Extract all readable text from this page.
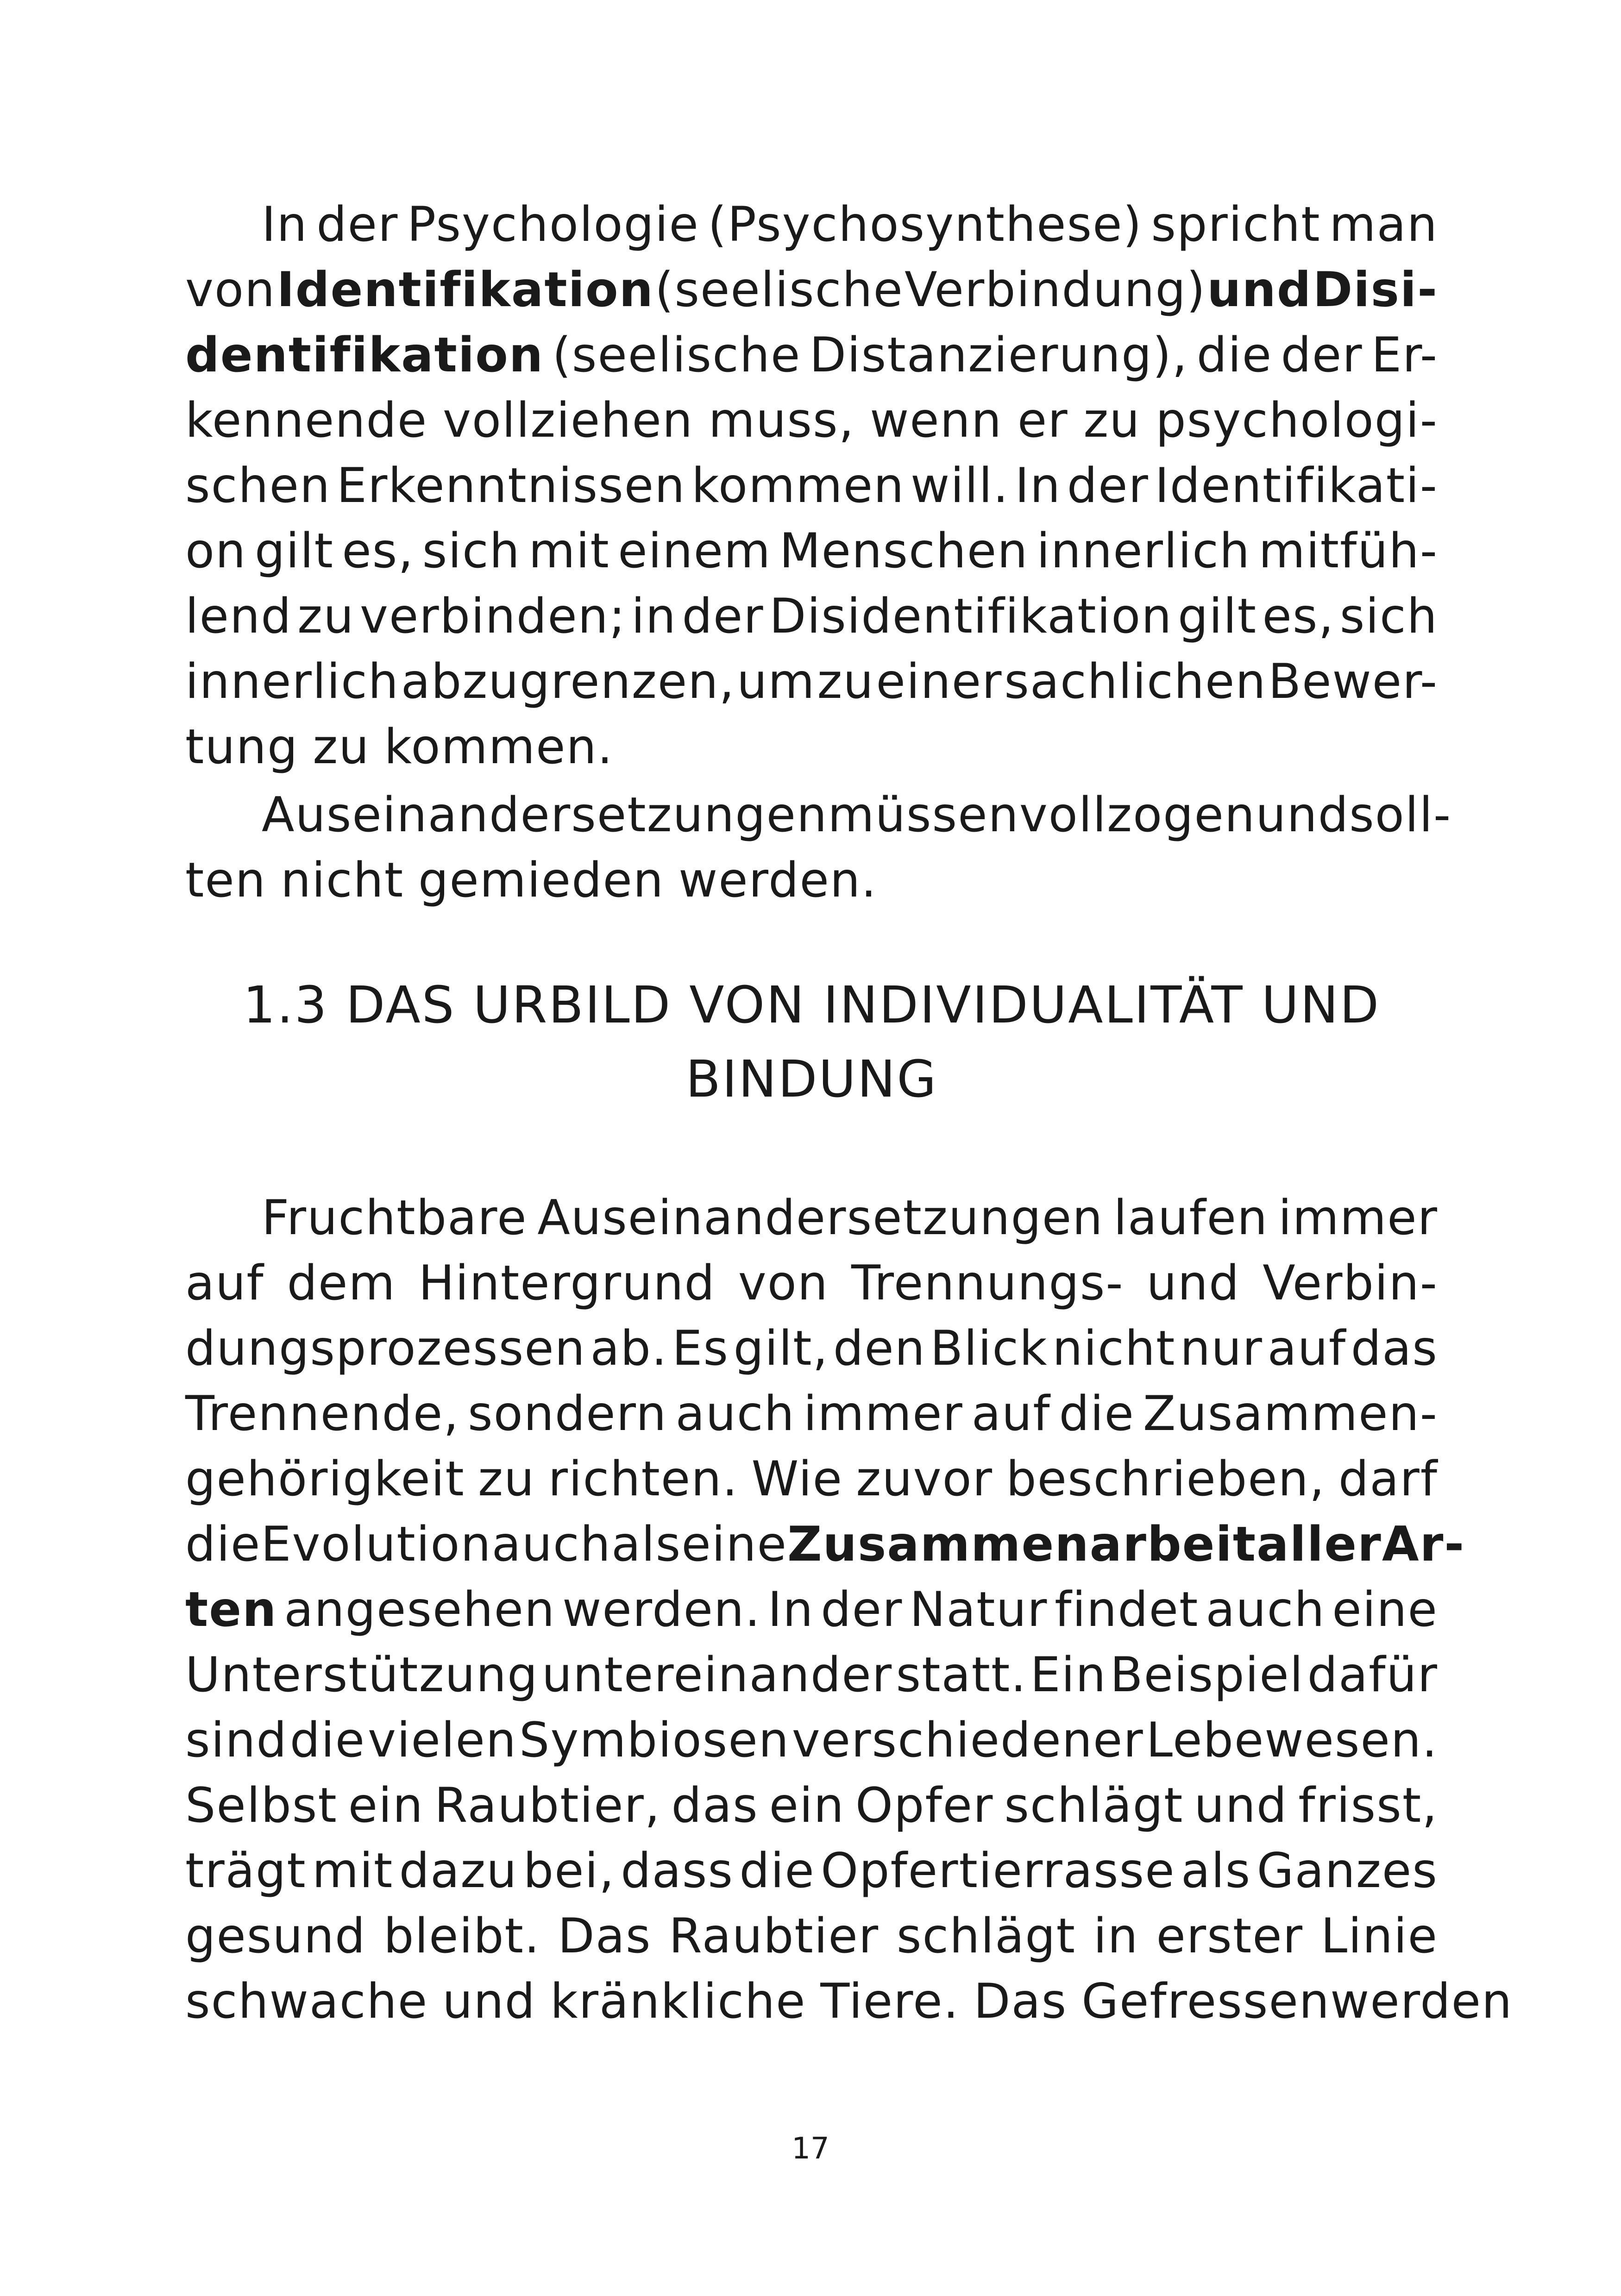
In der Psychologie (Psychosynthese) spricht man
von Identifikation (seelische Verbindung) und Disi-
dentifikation (seelische Distanzierung), die der Er-
kennende vollziehen muss, wenn er zu psychologi-
schen Erkenntnissen kommen will. In der Identifikati-
on gilt es, sich mit einem Menschen innerlich mitfüh-
lend zu verbinden; in der Disidentifikation gilt es, sich
innerlich abzugrenzen, um zu einer sachlichen Bewer-
tung zu kommen.
Auseinandersetzungen müssen vollzogen und soll-
ten nicht gemieden werden.
Fruchtbare Auseinandersetzungen laufen immer
auf dem Hintergrund von Trennungs- und Verbin-
dungsprozessen ab. Es gilt, den Blick nicht nur auf das
Trennende, sondern auch immer auf die Zusammen-
gehörigkeit zu richten. Wie zuvor beschrieben, darf
die Evolution auch als eine Zusammenarbeit aller Ar-
ten angesehen werden. In der Natur findet auch eine
Unterstützung untereinander statt. Ein Beispiel dafür
sind die vielen Symbiosen verschiedener Lebewesen.
Selbst ein Raubtier, das ein Opfer schlägt und frisst,
trägt mit dazu bei, dass die Opfertierrasse als Ganzes
gesund bleibt. Das Raubtier schlägt in erster Linie
schwache und kränkliche Tiere. Das Gefressenwerden
1.3 DAS URBILD VON INDIVIDUALITÄT UND
BINDUNG
17
